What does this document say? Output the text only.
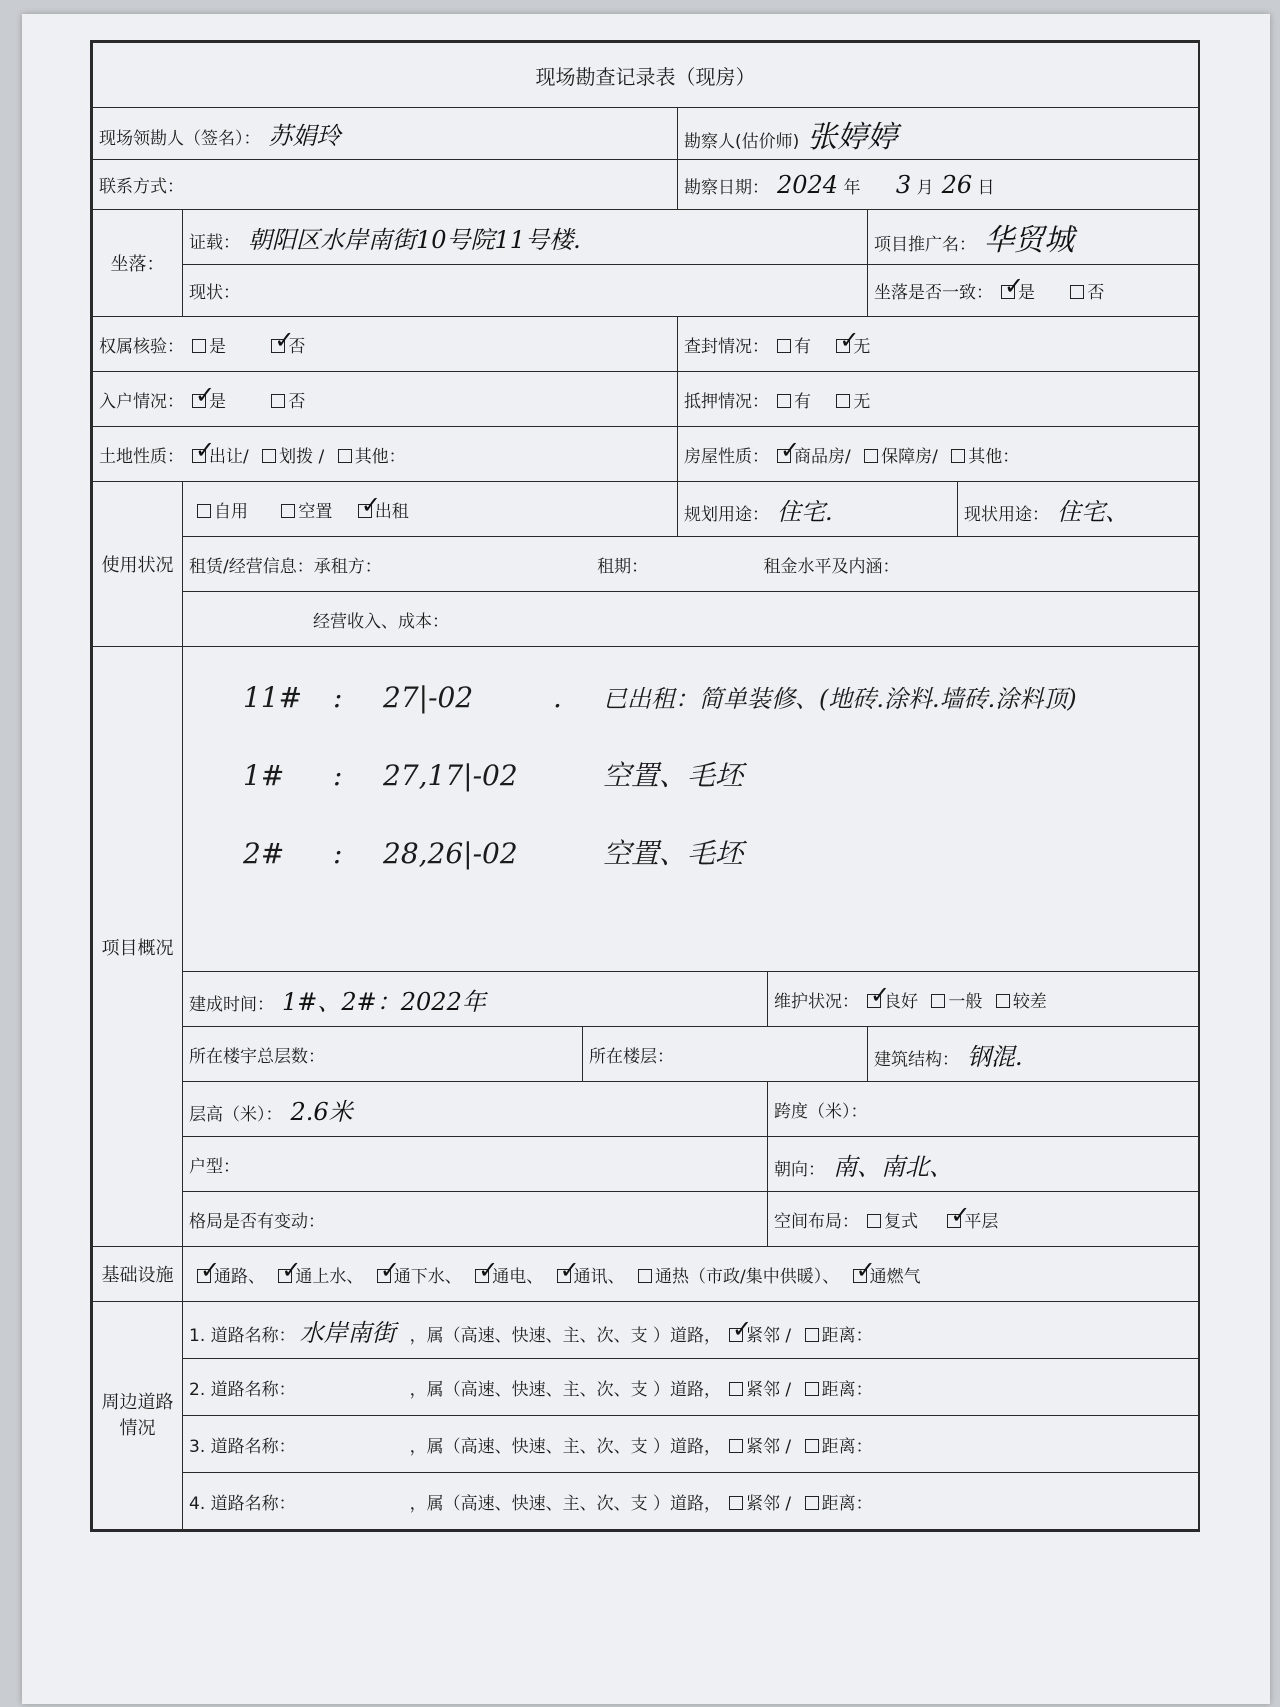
现场勘查记录表（现房）						
现场领勘人（签名）： 苏娟玲			勘察人(估价师) 张婷婷			
联系方式：			勘察日期： 2024 年 3 月 26 日			
坐落：	证载： 朝阳区水岸南街10号院11号楼.				项目推广名： 华贸城	
	现状：				坐落是否一致： ✓ 是 否
权属核验： 是 ✓ 否			查封情况： 有 ✓ 无
入户情况： ✓ 是 否			抵押情况： 有 无			
土地性质： ✓ 出让/ 划拨 / 其他：			房屋性质： ✓ 商品房/ 保障房/ 其他：
使用状况	自用 空置 ✓ 出租		规划用途： 住宅.			现状用途： 住宅、
	租赁/经营信息：承租方： 租期： 租金水平及内涵：					
	经营收入、成本：					
项目概况	11# : 27|-02 . 已出租：简单装修、(地砖.涂料.墙砖.涂料顶)
1# : 27,17|-02 空置、毛坯
2# : 28,26|-02 空置、毛坯					

	建成时间： 1#、2#：2022年			维护状况： ✓ 良好 一般 较差
	所在楼宇总层数：	所在楼层：			建筑结构： 钢混.	
	层高（米）： 2.6米			跨度（米）：		
	户型：			朝向： 南、南北、		
	格局是否有变动：			空间布局： 复式 ✓ 平层
基础设施	✓通路、 ✓ 通上水、 ✓ 通下水、 ✓ 通电、 ✓ 通讯、 通热（市政/集中供暖）、 ✓ 通燃气
周边道路情况	1. 道路名称： 水岸南街 ，属（高速、快速、主、次、支 ）道路， ✓ 紧邻 / 距离：
	2. 道路名称： ，属（高速、快速、主、次、支 ）道路， 紧邻 / 距离：					
	3. 道路名称： ，属（高速、快速、主、次、支 ）道路， 紧邻 / 距离：					
	4. 道路名称： ，属（高速、快速、主、次、支 ）道路， 紧邻 / 距离：					
